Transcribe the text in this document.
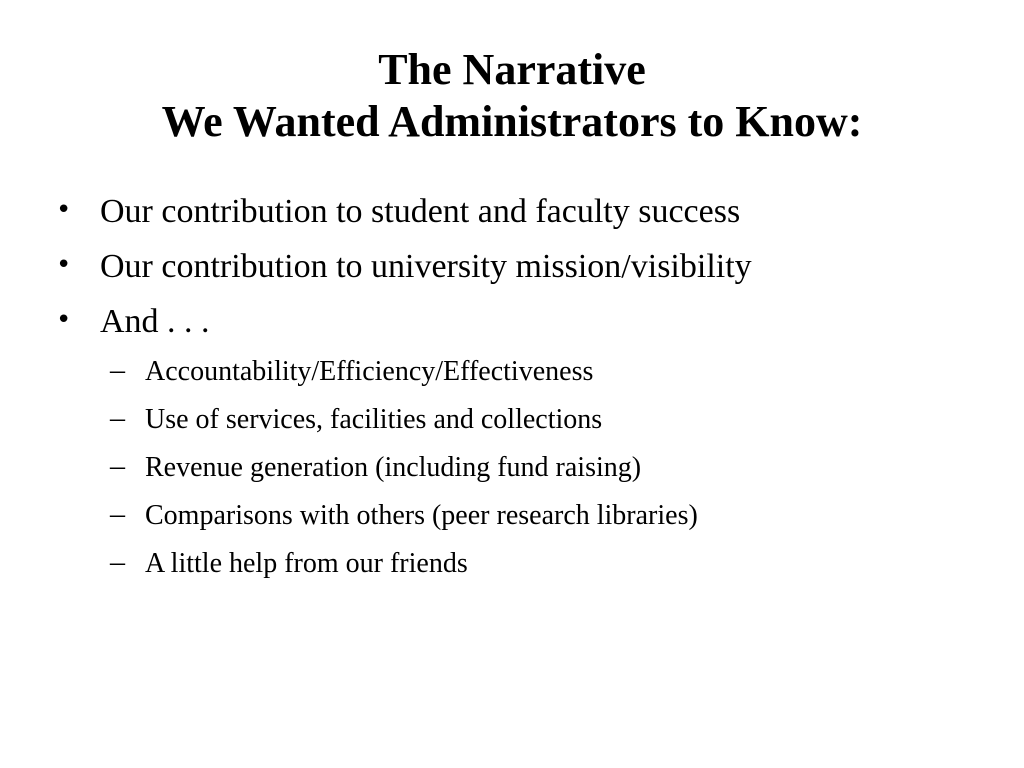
The Narrative
We Wanted Administrators to Know:
• Our contribution to student and faculty success
• Our contribution to university mission/visibility
• And . . .
– Accountability/Efficiency/Effectiveness
– Use of services, facilities and collections
– Revenue generation (including fund raising)
– Comparisons with others (peer research libraries)
– A little help from our friends
